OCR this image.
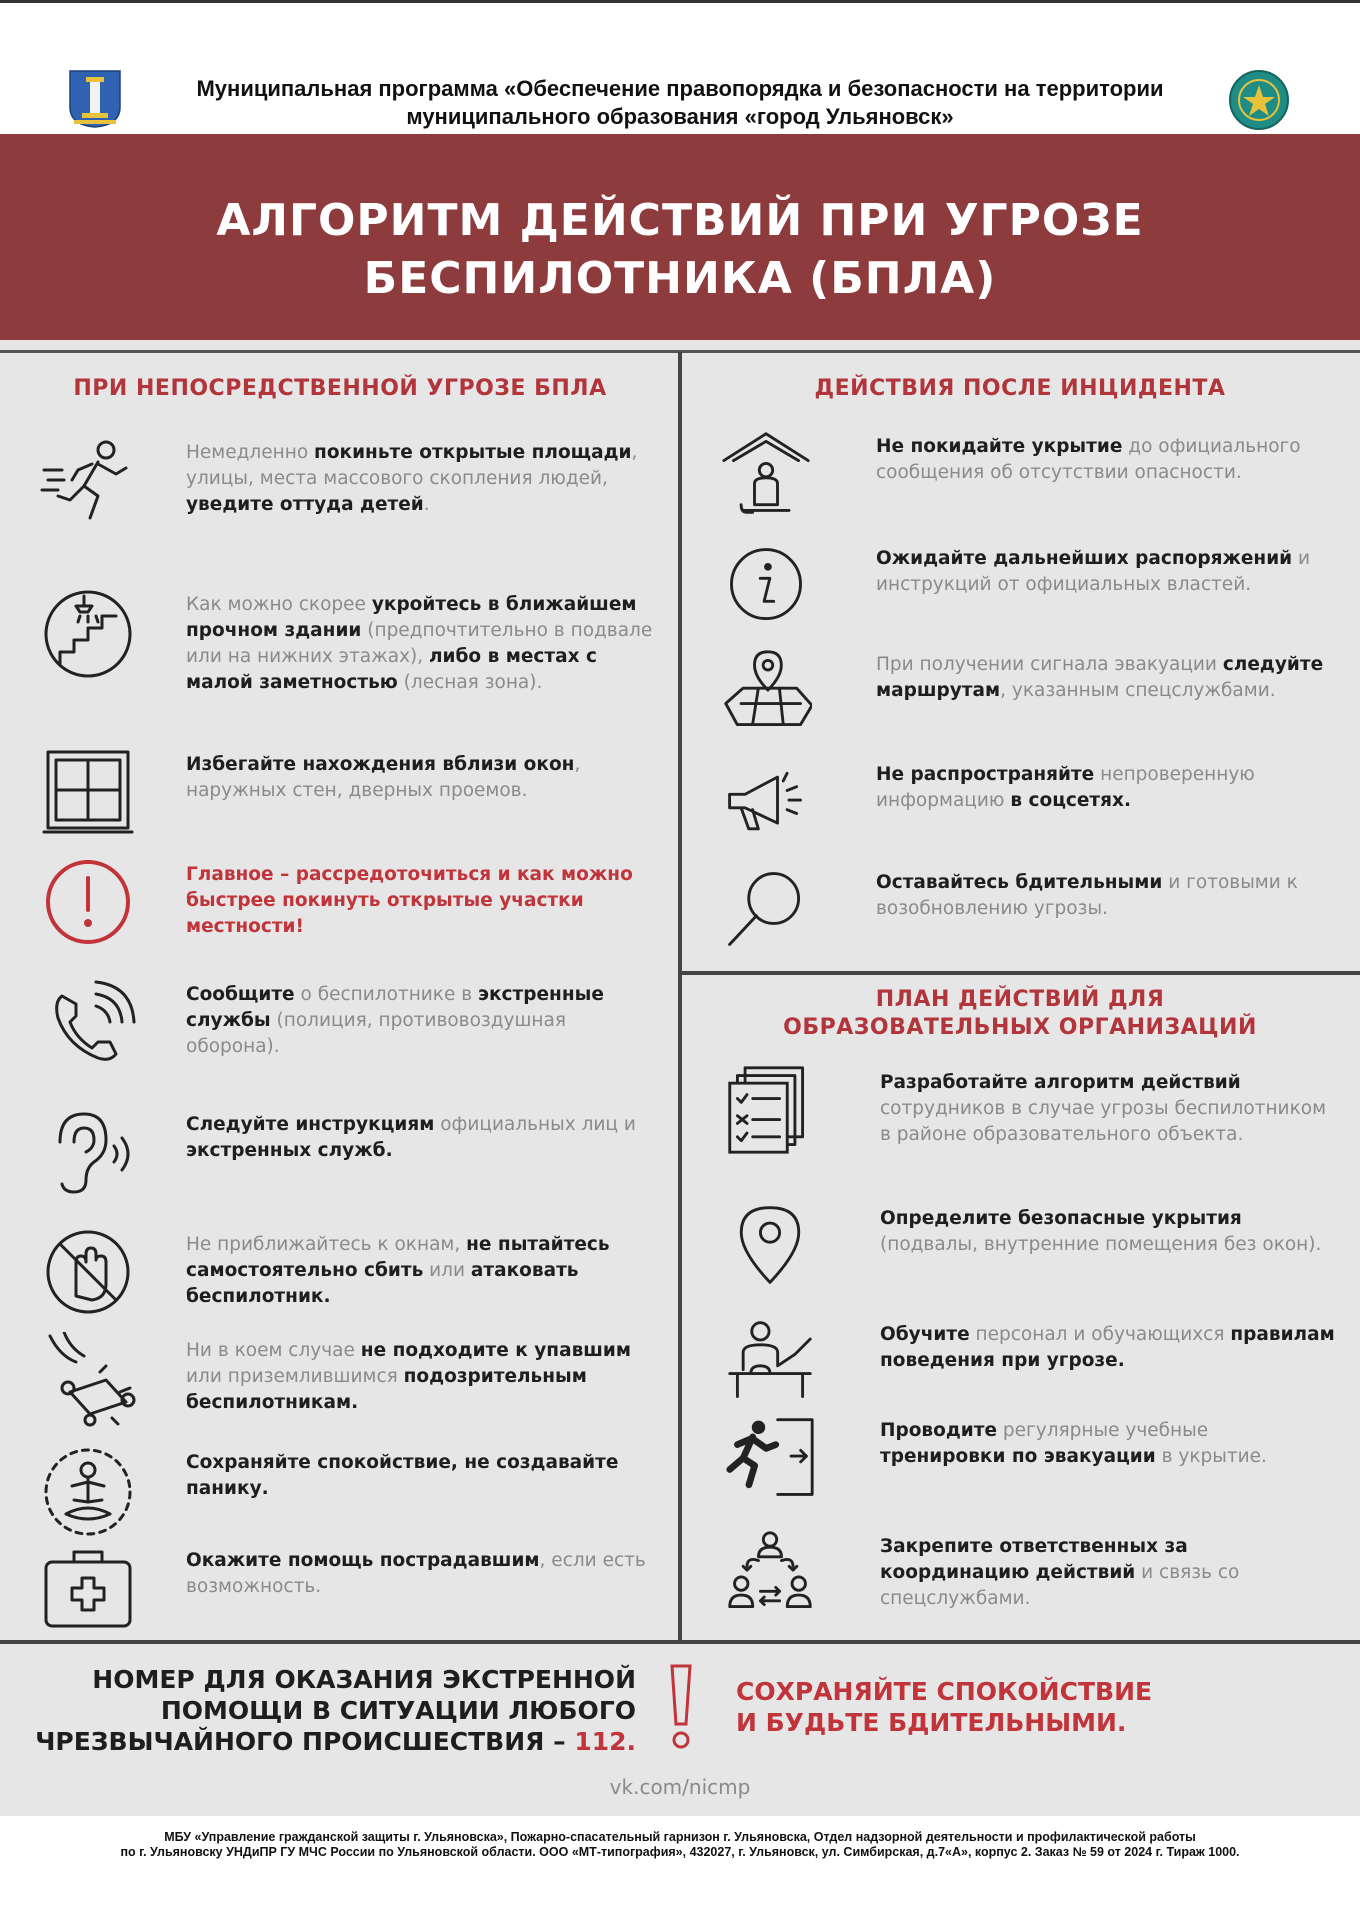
Муниципальная программа «Обеспечение правопорядка и безопасности на территории
муниципального образования «город Ульяновск»
АЛГОРИТМ ДЕЙСТВИЙ ПРИ УГРОЗЕ
БЕСПИЛОТНИКА (БПЛА)
ПРИ НЕПОСРЕДСТВЕННОЙ УГРОЗЕ БПЛА	ДЕЙСТВИЯ ПОСЛЕ ИНЦИДЕНТА
ПЛАН ДЕЙСТВИЙ ДЛЯ
ОБРАЗОВАТЕЛЬНЫХ ОРГАНИЗАЦИЙ
Немедленно покиньте открытые площади, улицы, места массового скопления людей, уведите оттуда детей.
Как можно скорее укройтесь в ближайшем прочном здании (предпочтительно в подвале или на нижних этажах), либо в местах с малой заметностью (лесная зона).
Избегайте нахождения вблизи окон, наружных стен, дверных проемов.
Главное – рассредоточиться и как можно быстрее покинуть открытые участки местности!
Сообщите о беспилотнике в экстренные службы (полиция, противовоздушная оборона).
Следуйте инструкциям официальных лиц и экстренных служб.
Не приближайтесь к окнам, не пытайтесь самостоятельно сбить или атаковать беспилотник.
Ни в коем случае не подходите к упавшим или приземлившимся подозрительным беспилотникам.
Сохраняйте спокойствие, не создавайте панику.
Окажите помощь пострадавшим, если есть возможность.
Не покидайте укрытие до официального сообщения об отсутствии опасности.
Ожидайте дальнейших распоряжений и инструкций от официальных властей.
При получении сигнала эвакуации следуйте маршрутам, указанным спецслужбами.
Не распространяйте непроверенную информацию в соцсетях.
Оставайтесь бдительными и готовыми к возобновлению угрозы.
Разработайте алгоритм действий сотрудников в случае угрозы беспилотником в районе образовательного объекта.
Определите безопасные укрытия (подвалы, внутренние помещения без окон).
Обучите персонал и обучающихся правилам поведения при угрозе.
Проводите регулярные учебные тренировки по эвакуации в укрытие.
Закрепите ответственных за координацию действий и связь со спецслужбами.
НОМЕР ДЛЯ ОКАЗАНИЯ ЭКСТРЕННОЙ
ПОМОЩИ В СИТУАЦИИ ЛЮБОГО
ЧРЕЗВЫЧАЙНОГО ПРОИСШЕСТВИЯ – 112.
СОХРАНЯЙТЕ СПОКОЙСТВИЕ
И БУДЬТЕ БДИТЕЛЬНЫМИ.
vk.com/nicmp
МБУ «Управление гражданской защиты г. Ульяновска», Пожарно-спасательный гарнизон г. Ульяновска, Отдел надзорной деятельности и профилактической работы
по г. Ульяновску УНДиПР ГУ МЧС России по Ульяновской области. ООО «МТ-типография», 432027, г. Ульяновск, ул. Симбирская, д.7«А», корпус 2. Заказ № 59 от 2024 г. Тираж 1000.
